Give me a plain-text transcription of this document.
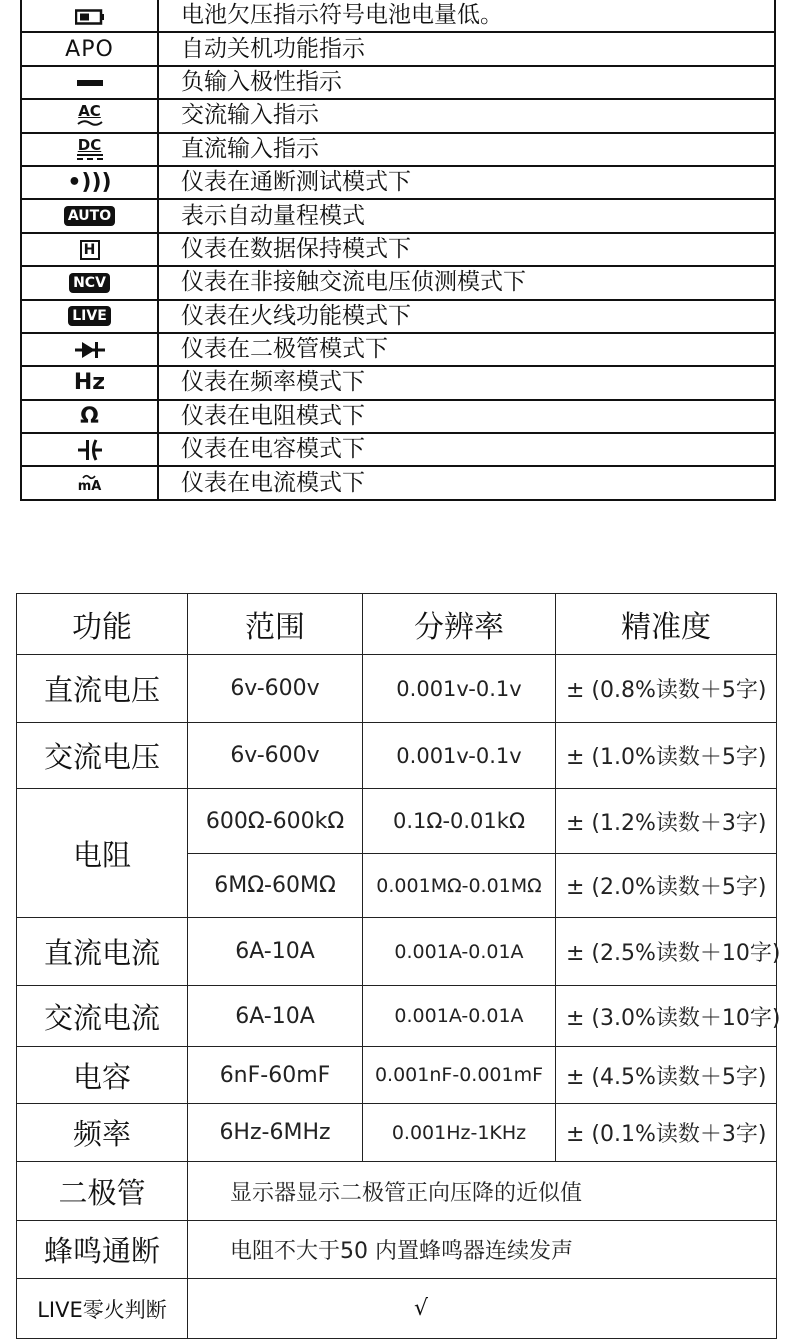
	电池欠压指示符号电池电量低。
APO	自动关机功能指示

	负输入极性指示

AC	交流输入指示

DC	直流输入指示
•)))	仪表在通断测试模式下
AUTO	表示自动量程模式

H	仪表在数据保持模式下
NCV	仪表在非接触交流电压侦测模式下
LIVE	仪表在火线功能模式下

	仪表在二极管模式下
Hz	仪表在频率模式下
Ω	仪表在电阻模式下

	仪表在电容模式下

mA	仪表在电流模式下
功能	范围	分辨率	精准度
直流电压	6v-600v	0.001v-0.1v	± (0.8%读数＋5字)
交流电压	6v-600v	0.001v-0.1v	± (1.0%读数＋5字)
电阻	600Ω-600kΩ	0.1Ω-0.01kΩ	± (1.2%读数＋3字)
	6MΩ-60MΩ	0.001MΩ-0.01MΩ	± (2.0%读数＋5字)
直流电流	6A-10A	0.001A-0.01A	± (2.5%读数＋10字)
交流电流	6A-10A	0.001A-0.01A	± (3.0%读数＋10字)
电容	6nF-60mF	0.001nF-0.001mF	± (4.5%读数＋5字)
频率	6Hz-6MHz	0.001Hz-1KHz	± (0.1%读数＋3字)
二极管	显示器显示二极管正向压降的近似值		
蜂鸣通断	电阻不大于50 内置蜂鸣器连续发声		
LIVE零火判断	√		
